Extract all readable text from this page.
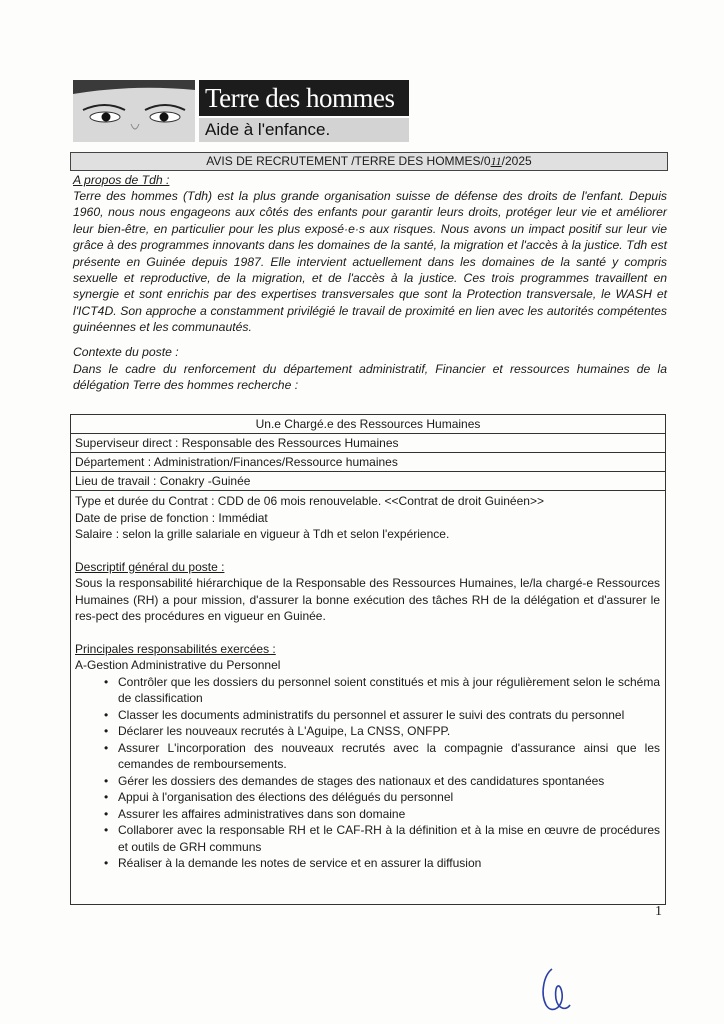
Terre des hommes
Aide à l'enfance.
AVIS DE RECRUTEMENT /TERRE DES HOMMES/011/2025

A propos de Tdh :

Terre des hommes (Tdh) est la plus grande organisation suisse de défense des droits de l'enfant. Depuis 1960, nous nous engageons aux côtés des enfants pour garantir leurs droits, protéger leur vie et améliorer leur bien-être, en particulier pour les plus exposé·e·s aux risques. Nous avons un impact positif sur leur vie grâce à des programmes innovants dans les domaines de la santé, la migration et l'accès à la justice. Tdh est présente en Guinée depuis 1987. Elle intervient actuellement dans les domaines de la santé y compris sexuelle et reproductive, de la migration, et de l'accès à la justice. Ces trois programmes travaillent en synergie et sont enrichis par des expertises transversales que sont la Protection transversale, le WASH et l'ICT4D. Son approche a constamment privilégié le travail de proximité en lien avec les autorités compétentes guinéennes et les communautés.

Contexte du poste :

Dans le cadre du renforcement du département administratif, Financier et ressources humaines de la délégation Terre des hommes recherche :

Un.e Chargé.e des Ressources Humaines
Superviseur direct : Responsable des Ressources Humaines
Département : Administration/Finances/Ressource humaines
Lieu de travail : Conakry -Guinée

Type et durée du Contrat : CDD de 06 mois renouvelable. <<Contrat de droit Guinéen>>

Date de prise de fonction : Immédiat

Salaire : selon la grille salariale en vigueur à Tdh et selon l'expérience.

Descriptif général du poste :

Sous la responsabilité hiérarchique de la Responsable des Ressources Humaines, le/la chargé-e Ressources Humaines (RH) a pour mission, d'assurer la bonne exécution des tâches RH de la délégation et d'assurer le res-pect des procédures en vigueur en Guinée.

Principales responsabilités exercées :

A-Gestion Administrative du Personnel

• Contrôler que les dossiers du personnel soient constitués et mis à jour régulièrement selon le schéma de classification
• Classer les documents administratifs du personnel et assurer le suivi des contrats du personnel
• Déclarer les nouveaux recrutés à L'Aguipe, La CNSS, ONFPP.
• Assurer L'incorporation des nouveaux recrutés avec la compagnie d'assurance ainsi que les cemandes de remboursements.
• Gérer les dossiers des demandes de stages des nationaux et des candidatures spontanées
• Appui à l'organisation des élections des délégués du personnel
• Assurer les affaires administratives dans son domaine
• Collaborer avec la responsable RH et le CAF-RH à la définition et à la mise en œuvre de procédures et outils de GRH communs
• Réaliser à la demande les notes de service et en assurer la diffusion
1
